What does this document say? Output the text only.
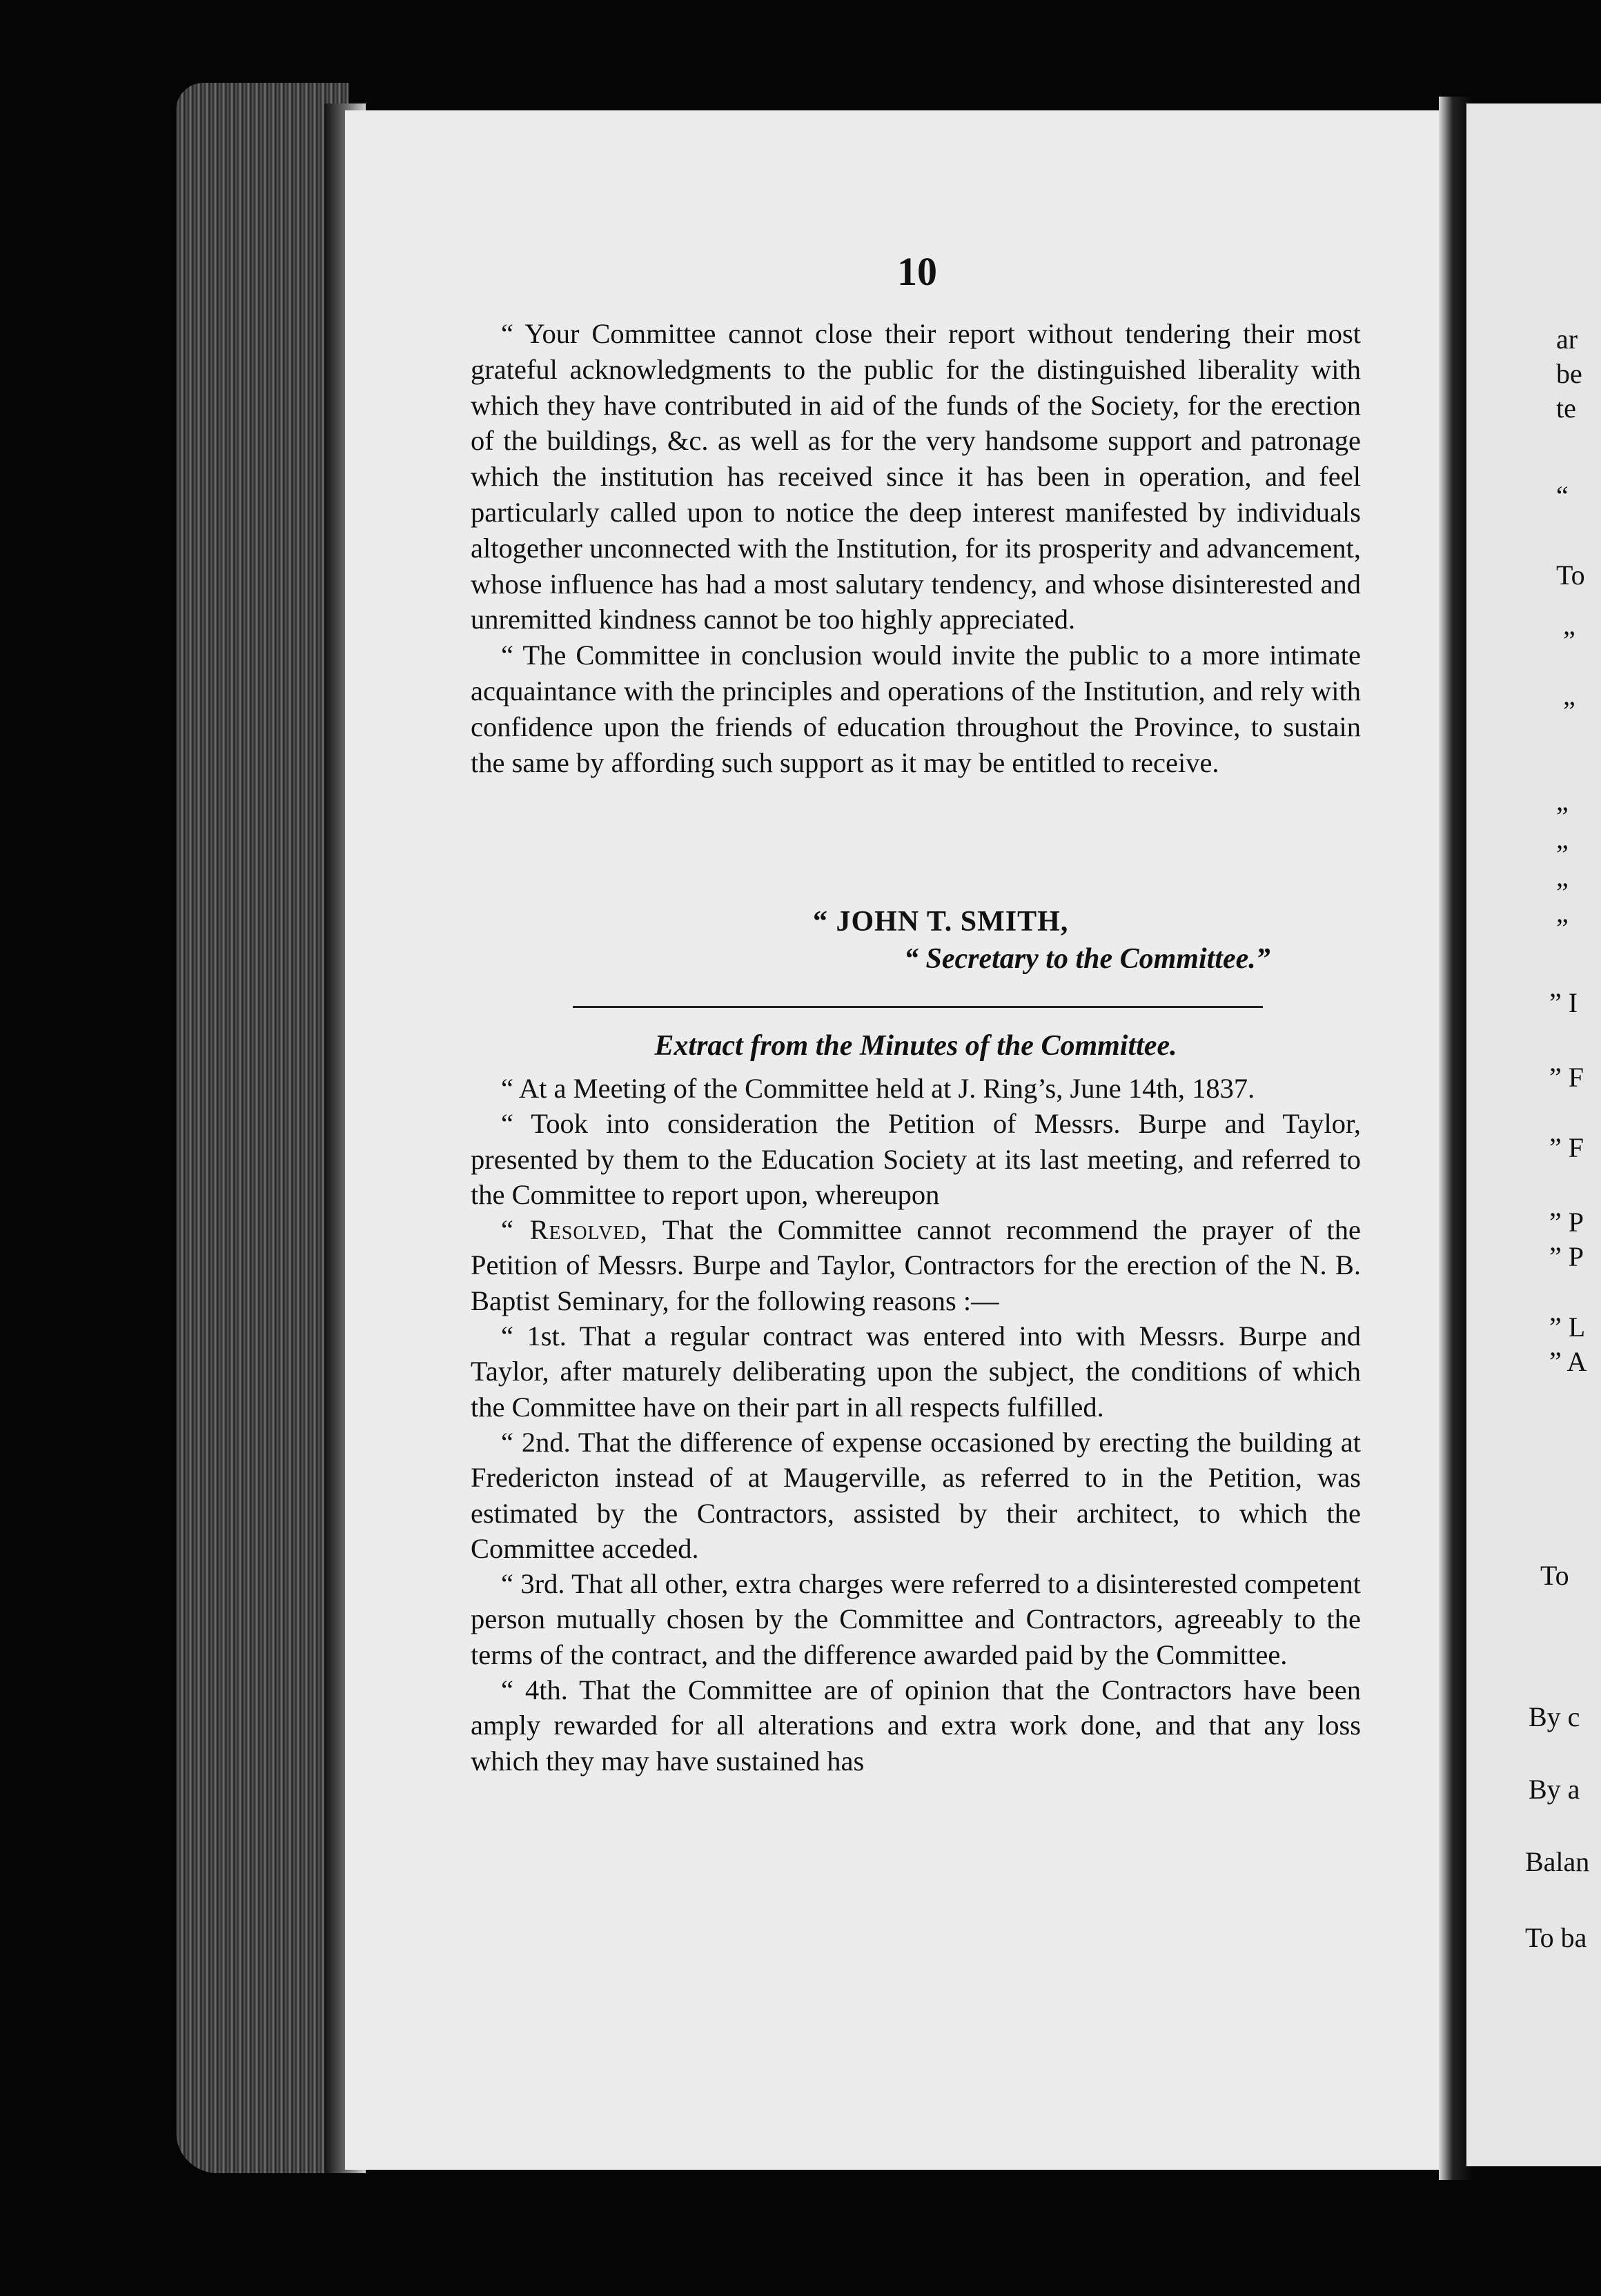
10

“ Your Committee cannot close their report without tendering their most grateful acknowledgments to the public for the distinguished liberality with which they have contributed in aid of the funds of the Society, for the erection of the buildings, &c. as well as for the very handsome support and patronage which the institution has received since it has been in operation, and feel particularly called upon to notice the deep interest manifested by individuals altogether unconnected with the Institution, for its prosperity and advancement, whose influence has had a most salutary tendency, and whose disinterested and unremitted kindness cannot be too highly appreciated.

“ The Committee in conclusion would invite the public to a more intimate acquaintance with the principles and operations of the Institution, and rely with confidence upon the friends of education throughout the Province, to sustain the same by affording such support as it may be entitled to receive.

“ JOHN T. SMITH,
“ Secretary to the Committee.”
Extract from the Minutes of the Committee.

“ At a Meeting of the Committee held at J. Ring’s, June 14th, 1837.

“ Took into consideration the Petition of Messrs. Burpe and Taylor, presented by them to the Education Society at its last meeting, and referred to the Committee to report upon, whereupon

“ Resolved, That the Committee cannot recommend the prayer of the Petition of Messrs. Burpe and Taylor, Contractors for the erection of the N. B. Baptist Seminary, for the following reasons :—

“ 1st. That a regular contract was entered into with Messrs. Burpe and Taylor, after maturely deliberating upon the subject, the conditions of which the Committee have on their part in all respects fulfilled.

“ 2nd. That the difference of expense occasioned by erecting the building at Fredericton instead of at Maugerville, as referred to in the Petition, was estimated by the Contractors, assisted by their architect, to which the Committee acceded.

“ 3rd. That all other, extra charges were referred to a disinterested competent person mutually chosen by the Committee and Contractors, agreeably to the terms of the contract, and the difference awarded paid by the Committee.

“ 4th. That the Committee are of opinion that the Contractors have been amply rewarded for all alterations and extra work done, and that any loss which they may have sustained has

ar
be
te
“
To
”
”
”
”
”
”
” I
” F
” F
” P
” P
” L
” A
To
By c
By a
Balan
To ba
